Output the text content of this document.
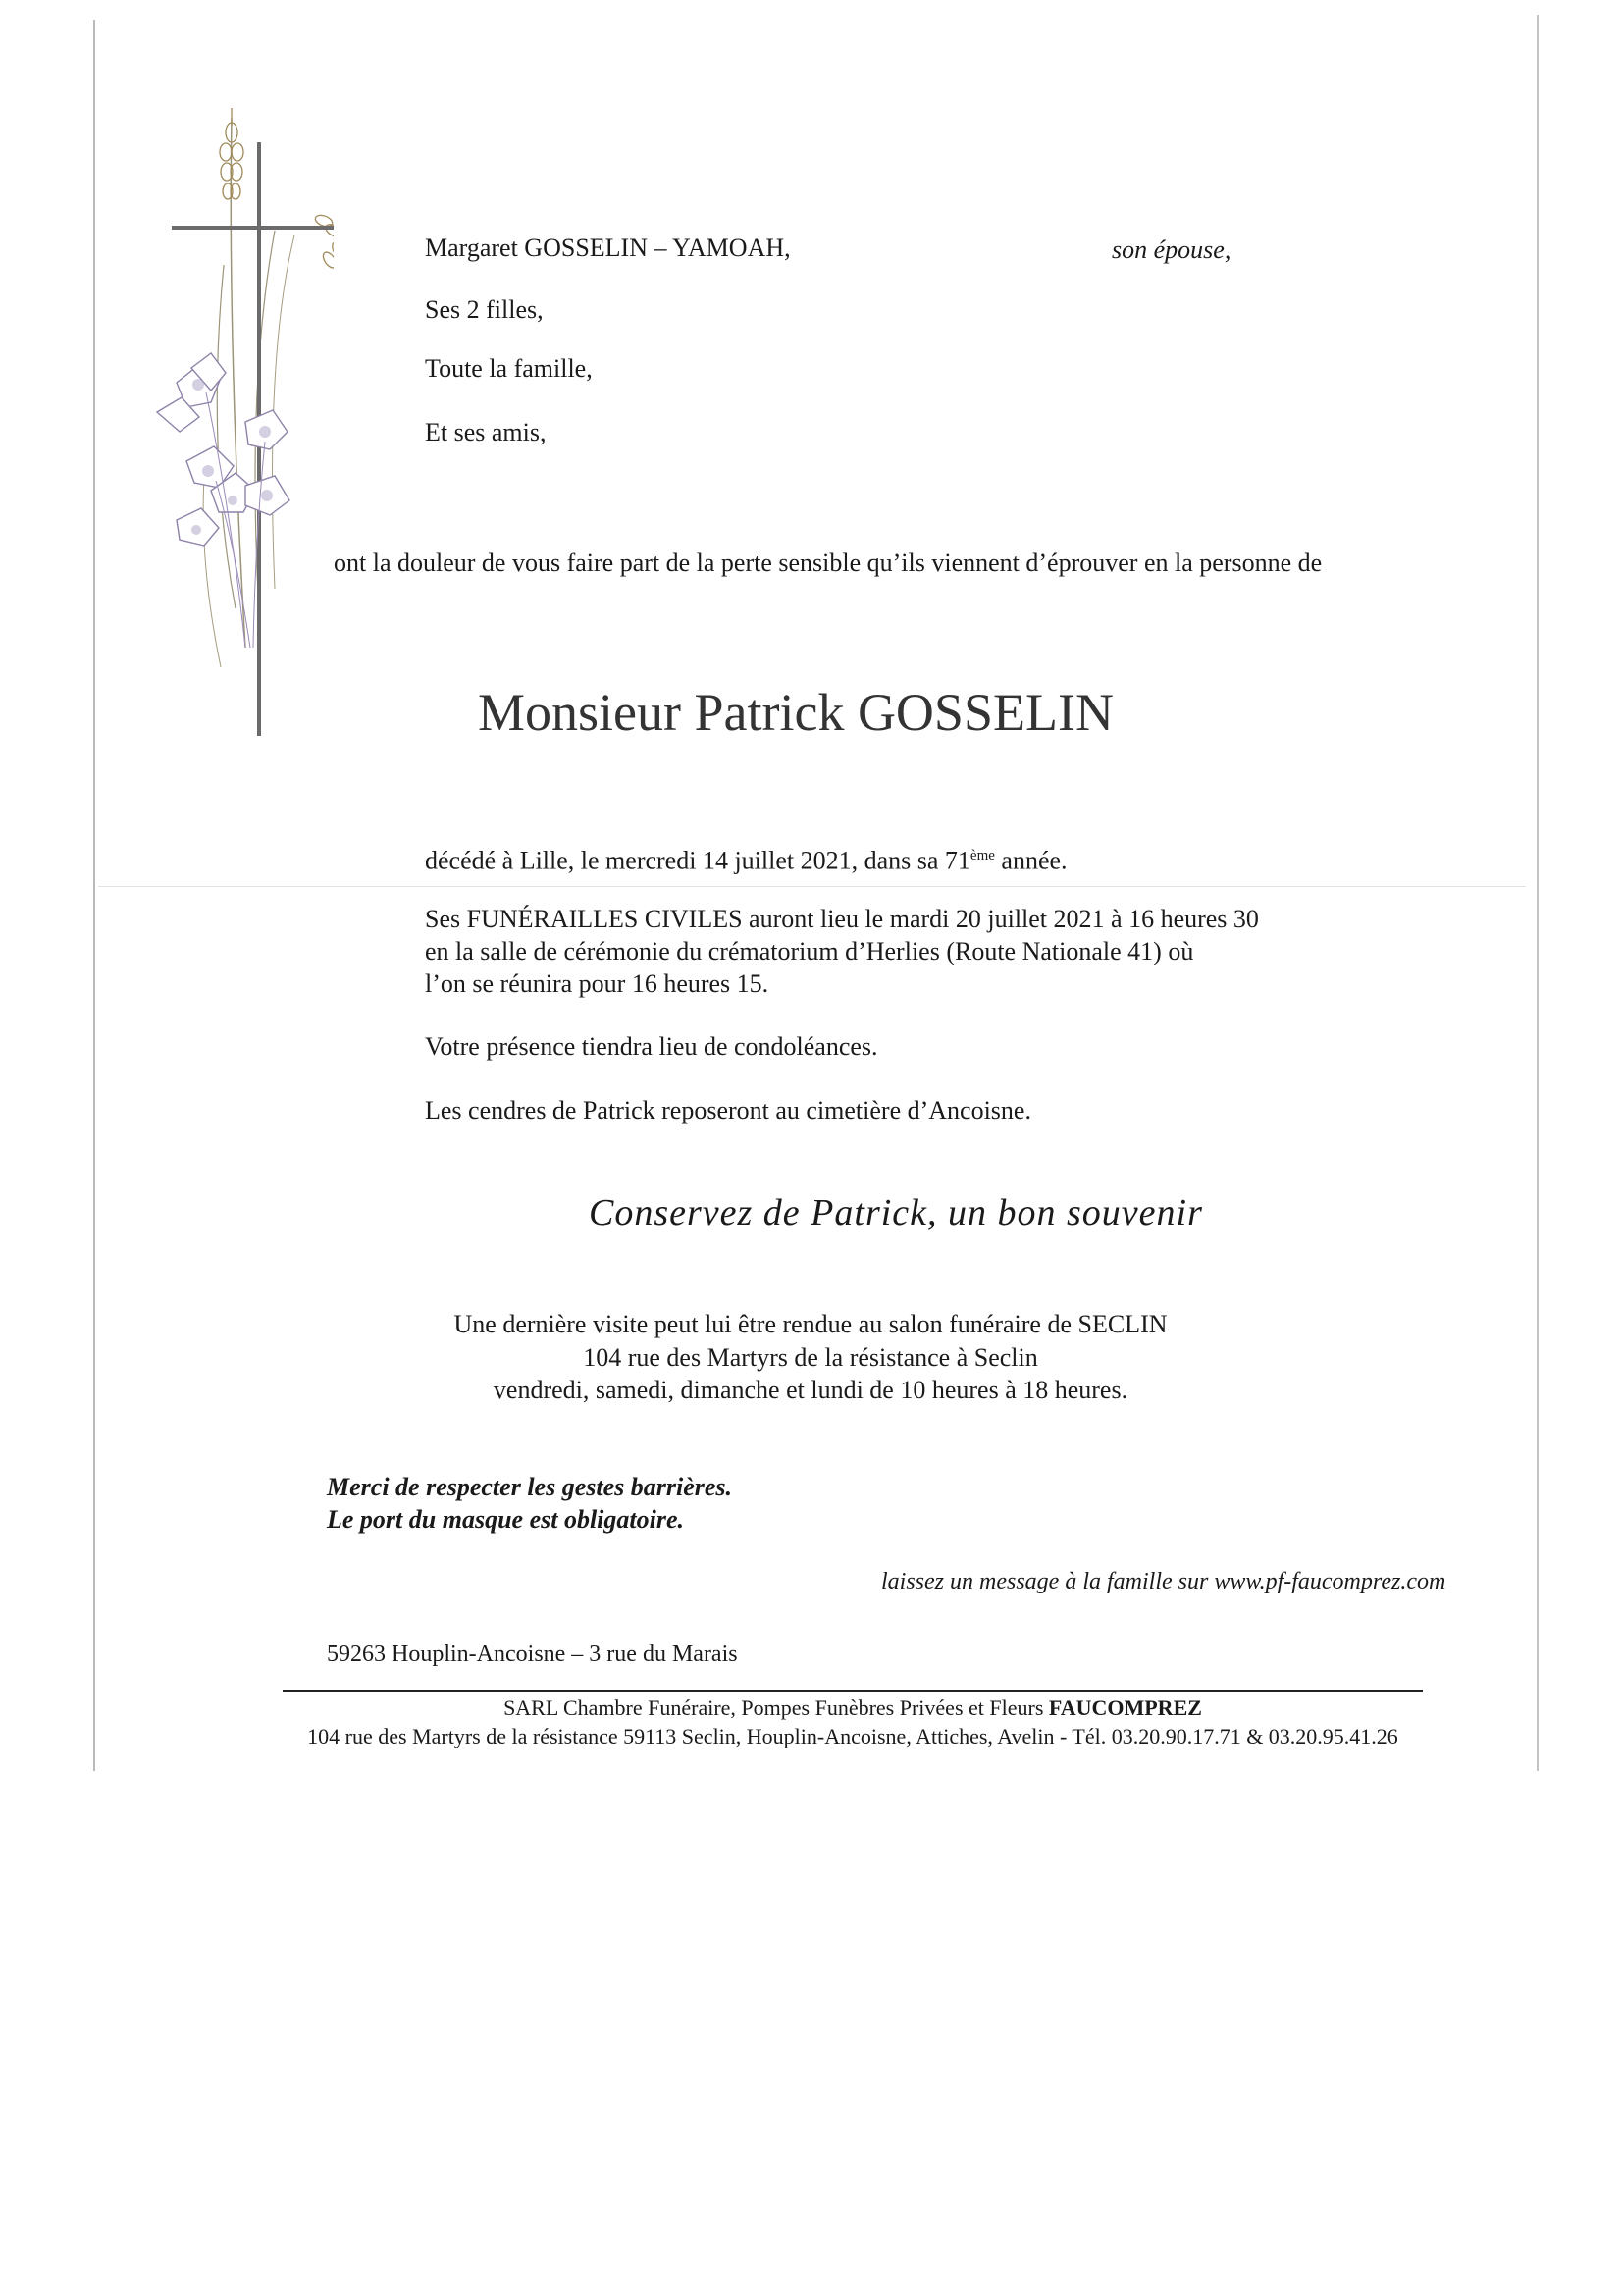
Margaret GOSSELIN – YAMOAH,	son épouse,
Ses 2 filles,
Toute la famille,
Et ses amis,
ont la douleur de vous faire part de la perte sensible qu’ils viennent d’éprouver en la personne de
Monsieur Patrick GOSSELIN
décédé à Lille, le mercredi 14 juillet 2021, dans sa 71ème année.
Ses FUNÉRAILLES CIVILES auront lieu le mardi 20 juillet 2021 à 16 heures 30
en la salle de cérémonie du crématorium d’Herlies (Route Nationale 41) où
l’on se réunira pour 16 heures 15.
Votre présence tiendra lieu de condoléances.
Les cendres de Patrick reposeront au cimetière d’Ancoisne.
Conservez de Patrick, un bon souvenir
Une dernière visite peut lui être rendue au salon funéraire de SECLIN
104 rue des Martyrs de la résistance à Seclin
vendredi, samedi, dimanche et lundi de 10 heures à 18 heures.
Merci de respecter les gestes barrières.
Le port du masque est obligatoire.
laissez un message à la famille sur www.pf-faucomprez.com
59263 Houplin-Ancoisne – 3 rue du Marais
SARL Chambre Funéraire, Pompes Funèbres Privées et Fleurs FAUCOMPREZ
104 rue des Martyrs de la résistance 59113 Seclin, Houplin-Ancoisne, Attiches, Avelin - Tél. 03.20.90.17.71 & 03.20.95.41.26
